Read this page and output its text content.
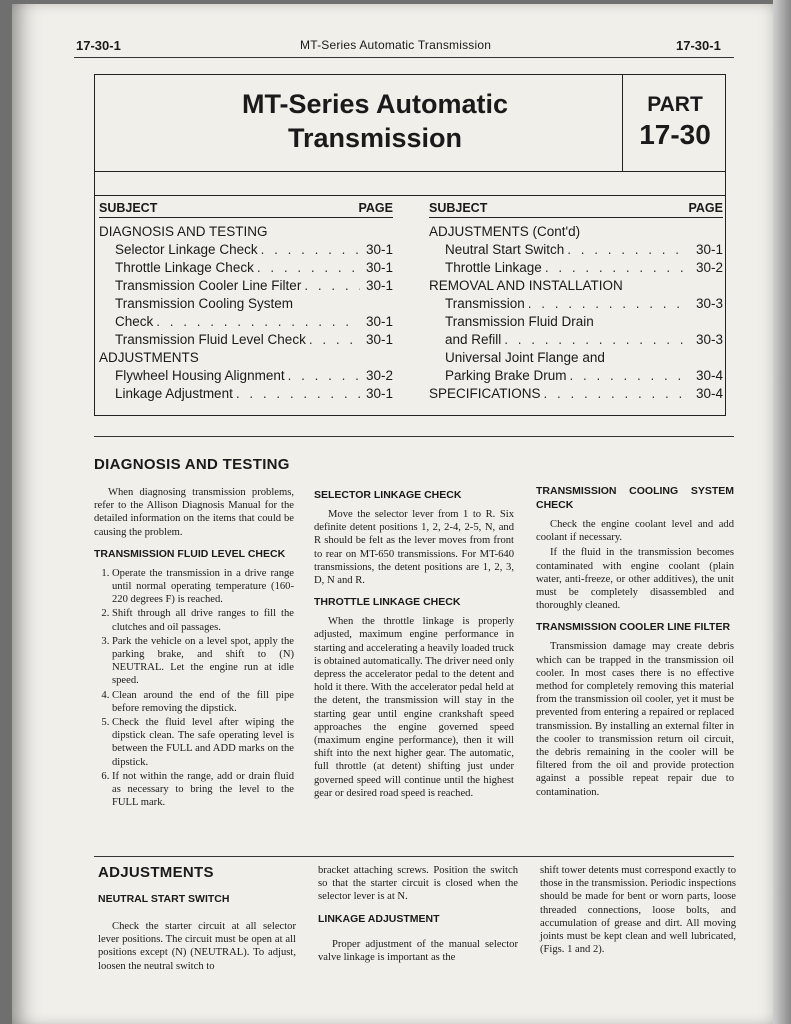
17-30-1	MT-Series Automatic Transmission	17-30-1
MT-Series Automatic
Transmission
PART
17-30
SUBJECT	PAGE
DIAGNOSIS AND TESTING
Selector Linkage Check . . .	30-1
Throttle Linkage Check . . .	30-1
Transmission Cooler Line Filter . . .	30-1
Transmission Cooling System
Check . . .	30-1
Transmission Fluid Level Check . . .	30-1
ADJUSTMENTS
Flywheel Housing Alignment . . .	30-2
Linkage Adjustment . . .	30-1
SUBJECT	PAGE
ADJUSTMENTS (Cont'd)
Neutral Start Switch . . .	30-1
Throttle Linkage . . .	30-2
REMOVAL AND INSTALLATION
Transmission . . .	30-3
Transmission Fluid Drain
and Refill . . .	30-3
Universal Joint Flange and
Parking Brake Drum . . .	30-4
SPECIFICATIONS . . .	30-4
DIAGNOSIS AND TESTING

When diagnosing transmission problems, refer to the Allison Diagnosis Manual for the detailed information on the items that could be causing the problem.

TRANSMISSION FLUID LEVEL CHECK
1. Operate the transmission in a drive range until normal operating temperature (160-220 degrees F) is reached.
2. Shift through all drive ranges to fill the clutches and oil passages.
3. Park the vehicle on a level spot, apply the parking brake, and shift to (N) NEUTRAL. Let the engine run at idle speed.
4. Clean around the end of the fill pipe before removing the dipstick.
5. Check the fluid level after wiping the dipstick clean. The safe operating level is between the FULL and ADD marks on the dipstick.
6. If not within the range, add or drain fluid as necessary to bring the level to the FULL mark.
SELECTOR LINKAGE CHECK

Move the selector lever from 1 to R. Six definite detent positions 1, 2, 2-4, 2-5, N, and R should be felt as the lever moves from front to rear on MT-650 transmissions. For MT-640 transmissions, the detent positions are 1, 2, 3, D, N and R.

THROTTLE LINKAGE CHECK

When the throttle linkage is properly adjusted, maximum engine performance in starting and accelerating a heavily loaded truck is obtained automatically. The driver need only depress the accelerator pedal to the detent and hold it there. With the accelerator pedal held at the detent, the transmission will stay in the starting gear until engine crankshaft speed approaches the engine governed speed (maximum engine performance), then it will shift into the next higher gear. The automatic, full throttle (at detent) shifting just under governed speed will continue until the highest gear or desired road speed is reached.

TRANSMISSION COOLING SYSTEM CHECK

Check the engine coolant level and add coolant if necessary.

If the fluid in the transmission becomes contaminated with engine coolant (plain water, anti-freeze, or other additives), the unit must be completely disassembled and thoroughly cleaned.

TRANSMISSION COOLER LINE FILTER

Transmission damage may create debris which can be trapped in the transmission oil cooler. In most cases there is no effective method for completely removing this material from the transmission oil cooler, yet it must be prevented from entering a repaired or replaced transmission. By installing an external filter in the cooler to transmission return oil circuit, the debris remaining in the cooler will be filtered from the oil and provide protection against a possible repeat repair due to contamination.

ADJUSTMENTS
NEUTRAL START SWITCH

Check the starter circuit at all selector lever positions. The circuit must be open at all positions except (N) (NEUTRAL). To adjust, loosen the neutral switch to

bracket attaching screws. Position the switch so that the starter circuit is closed when the selector lever is at N.

LINKAGE ADJUSTMENT

Proper adjustment of the manual selector valve linkage is important as the

shift tower detents must correspond exactly to those in the transmission. Periodic inspections should be made for bent or worn parts, loose threaded connections, loose bolts, and accumulation of grease and dirt. All moving joints must be kept clean and well lubricated, (Figs. 1 and 2).
